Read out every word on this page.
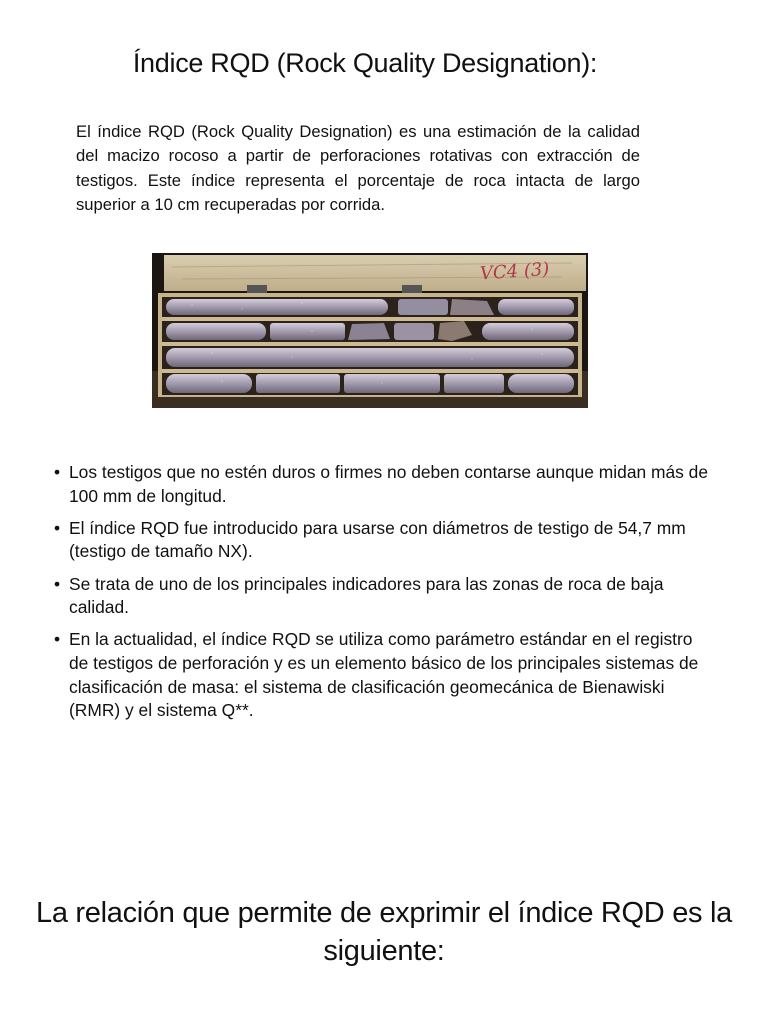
Índice RQD (Rock Quality Designation):
El índice RQD (Rock Quality Designation) es una estimación de la calidad del macizo rocoso a partir de perforaciones rotativas con extracción de testigos. Este índice representa el porcentaje de roca intacta de largo superior a 10 cm recuperadas por corrida.
VC4 (3)
• Los testigos que no estén duros o firmes no deben contarse aunque midan más de 100 mm de longitud.
• El índice RQD fue introducido para usarse con diámetros de testigo de 54,7 mm (testigo de tamaño NX).
• Se trata de uno de los principales indicadores para las zonas de roca de baja calidad.
• En la actualidad, el índice RQD se utiliza como parámetro estándar en el registro de testigos de perforación y es un elemento básico de los principales sistemas de clasificación de masa: el sistema de clasificación geomecánica de Bienawiski (RMR) y el sistema Q**.
La relación que permite de exprimir el índice RQD es la siguiente:
